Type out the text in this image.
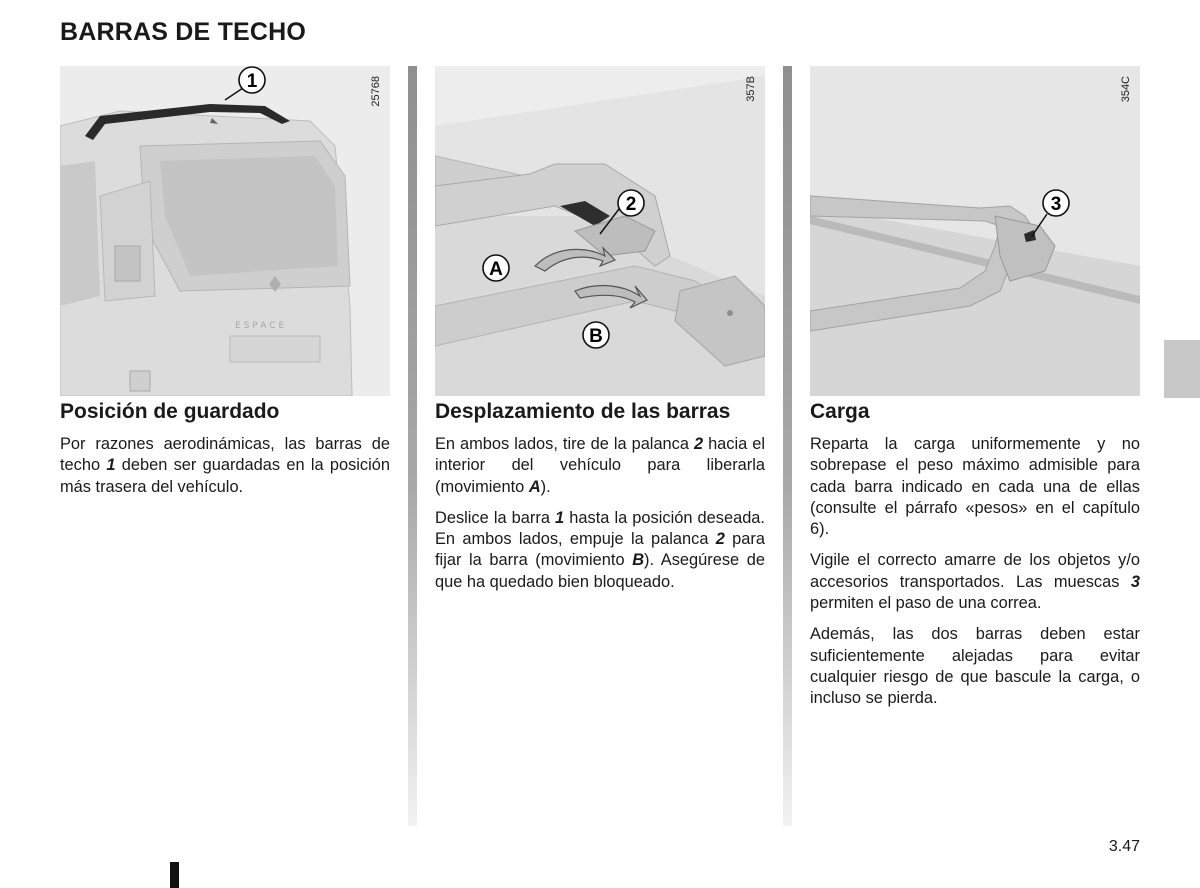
BARRAS DE TECHO
ESPACE
1	25768
Posición de guardado

Por razones aerodinámicas, las barras de techo 1 deben ser guardadas en la posición más trasera del vehículo.

2
A
B
357B
Desplazamiento de las barras

En ambos lados, tire de la palanca 2 hacia el interior del vehículo para liberarla (movimiento A).

Deslice la barra 1 hasta la posición deseada. En ambos lados, empuje la palanca 2 para fijar la barra (movimiento B). Asegúrese de que ha quedado bien bloqueado.

3
354C
Carga

Reparta la carga uniformemente y no sobrepase el peso máximo admisible para cada barra indicado en cada una de ellas (consulte el párrafo «pesos» en el capítulo 6).

Vigile el correcto amarre de los objetos y/o accesorios transportados. Las muescas 3 permiten el paso de una correa.

Además, las dos barras deben estar suficientemente alejadas para evitar cualquier riesgo de que bascule la carga, o incluso se pierda.

3.47
